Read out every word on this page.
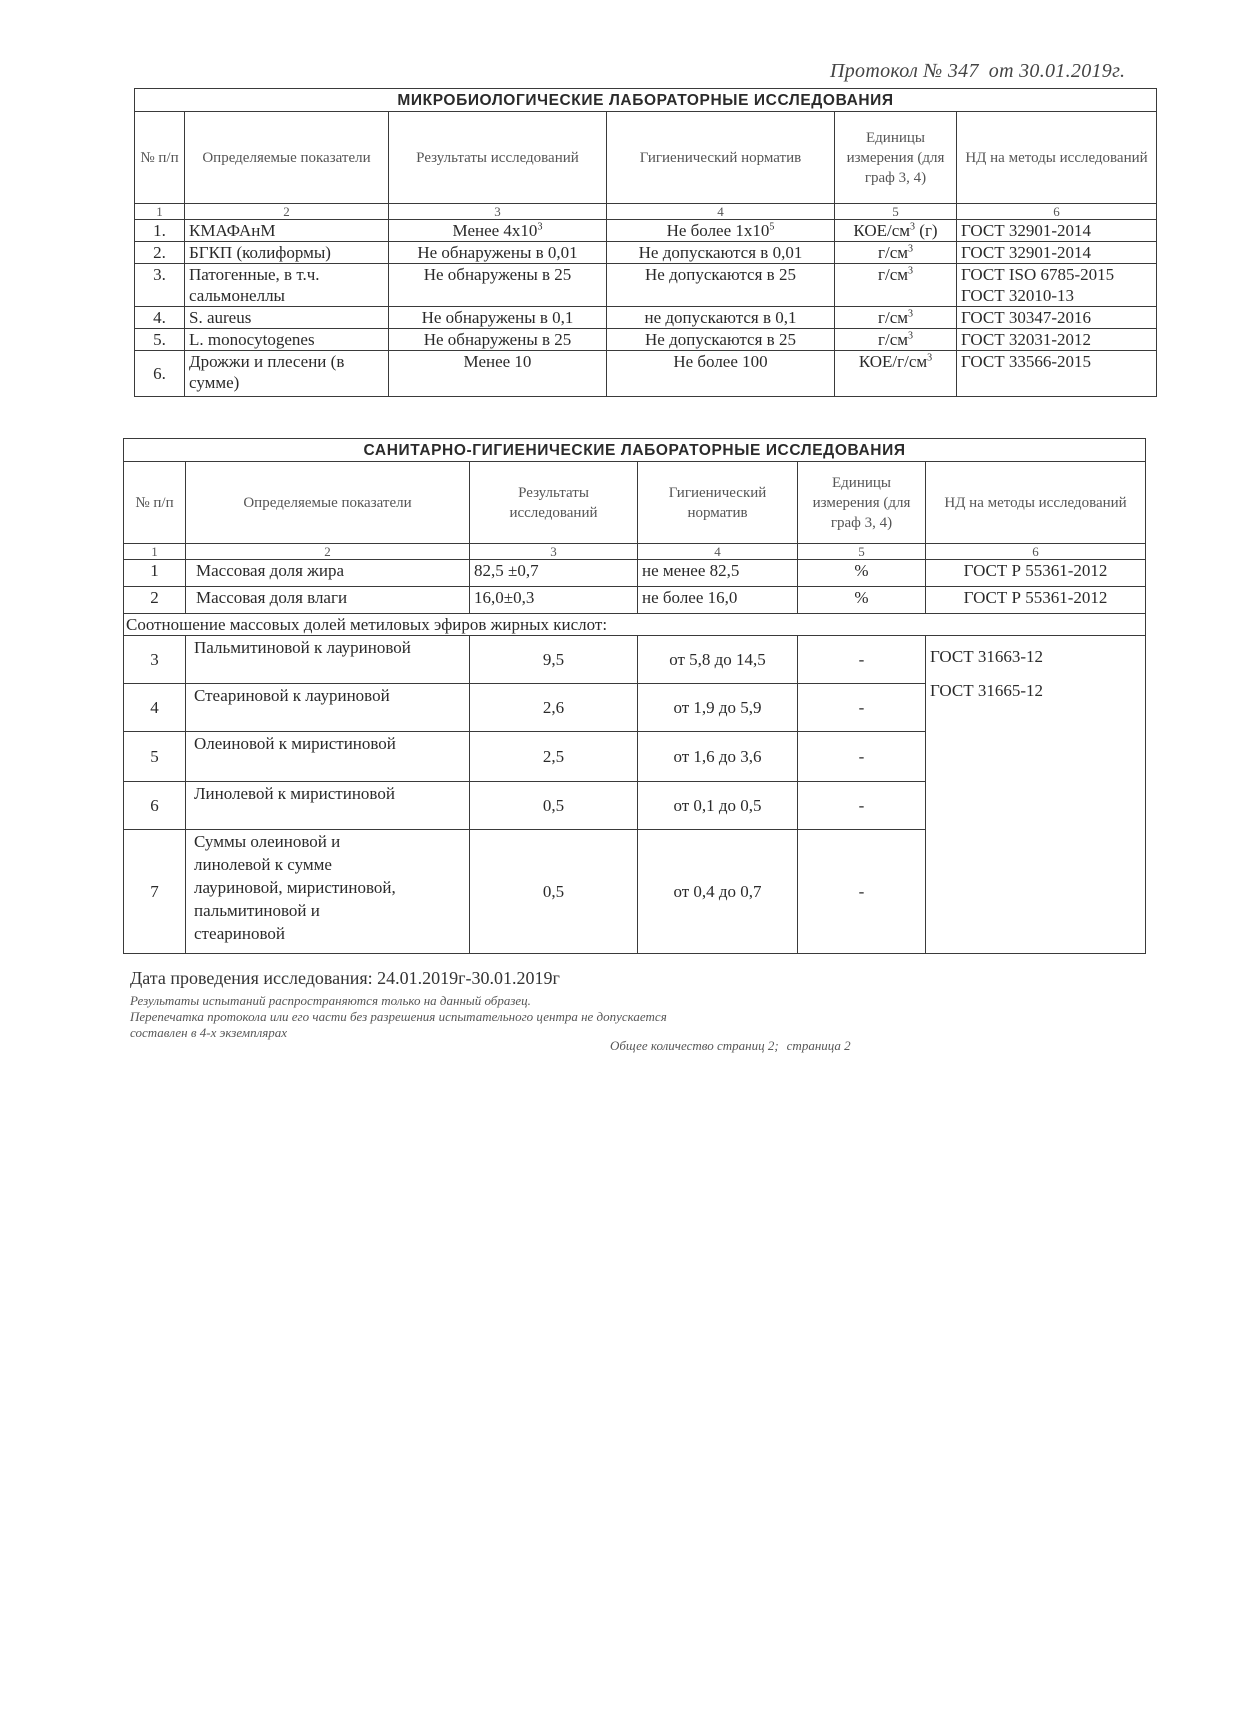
Протокол № 347 от 30.01.2019г.
МИКРОБИОЛОГИЧЕСКИЕ ЛАБОРАТОРНЫЕ ИССЛЕДОВАНИЯ					
№ п/п	Определяемые показатели	Результаты исследований	Гигиенический норматив	Единицы измерения (для граф 3, 4)	НД на методы исследований
1	2	3	4	5	6
1.	КМАФАнМ	Менее $4х10^3$	Не более $1х10^5$	КОЕ/$см^3$ (г)	ГОСТ 32901-2014
2.	БГКП (колиформы)	Не обнаружены в 0,01	Не допускаются в 0,01	$г/см^3$	ГОСТ 32901-2014
3.	Патогенные, в т.ч. сальмонеллы	Не обнаружены в 25	Не допускаются в 25	$г/см^3$	ГОСТ ISO 6785-2015
ГОСТ 32010-13

4.	S. aureus	Не обнаружены в 0,1	не допускаются в 0,1	$г/см^3$	ГОСТ 30347-2016
5.	L. monocytogenes	Не обнаружены в 25	Не допускаются в 25	$г/см^3$	ГОСТ 32031-2012
6.	Дрожжи и плесени (в сумме)	Менее 10	Не более 100	КОЕ/$г/см^3$	ГОСТ 33566-2015
САНИТАРНО-ГИГИЕНИЧЕСКИЕ ЛАБОРАТОРНЫЕ ИССЛЕДОВАНИЯ					
№ п/п	Определяемые показатели	Результаты исследований	Гигиенический норматив	Единицы измерения (для граф 3, 4)	НД на методы исследований
1	2	3	4	5	6
1	Массовая доля жира	82,5 ±0,7	не менее 82,5	%	ГОСТ Р 55361-2012
2	Массовая доля влаги	16,0±0,3	не более 16,0	%	ГОСТ Р 55361-2012
Соотношение массовых долей метиловых эфиров жирных кислот:					
3	Пальмитиновой к лауриновой	9,5	от 5,8 до 14,5	-	ГОСТ 31663-12
ГОСТ 31665-12

4	Стеариновой к лауриновой	2,6	от 1,9 до 5,9	-	
5	Олеиновой к миристиновой	2,5	от 1,6 до 3,6	-	
6	Линолевой к миристиновой	0,5	от 0,1 до 0,5	-	
7	Суммы олеиновой и линолевой к сумме лауриновой, миристиновой, пальмитиновой и стеариновой	0,5	от 0,4 до 0,7	-	
Дата проведения исследования: 24.01.2019г-30.01.2019г
Результаты испытаний распространяются только на данный образец.
Перепечатка протокола или его части без разрешения испытательного центра не допускается
составлен в 4-х экземплярах
Общее количество страниц 2; страница 2
